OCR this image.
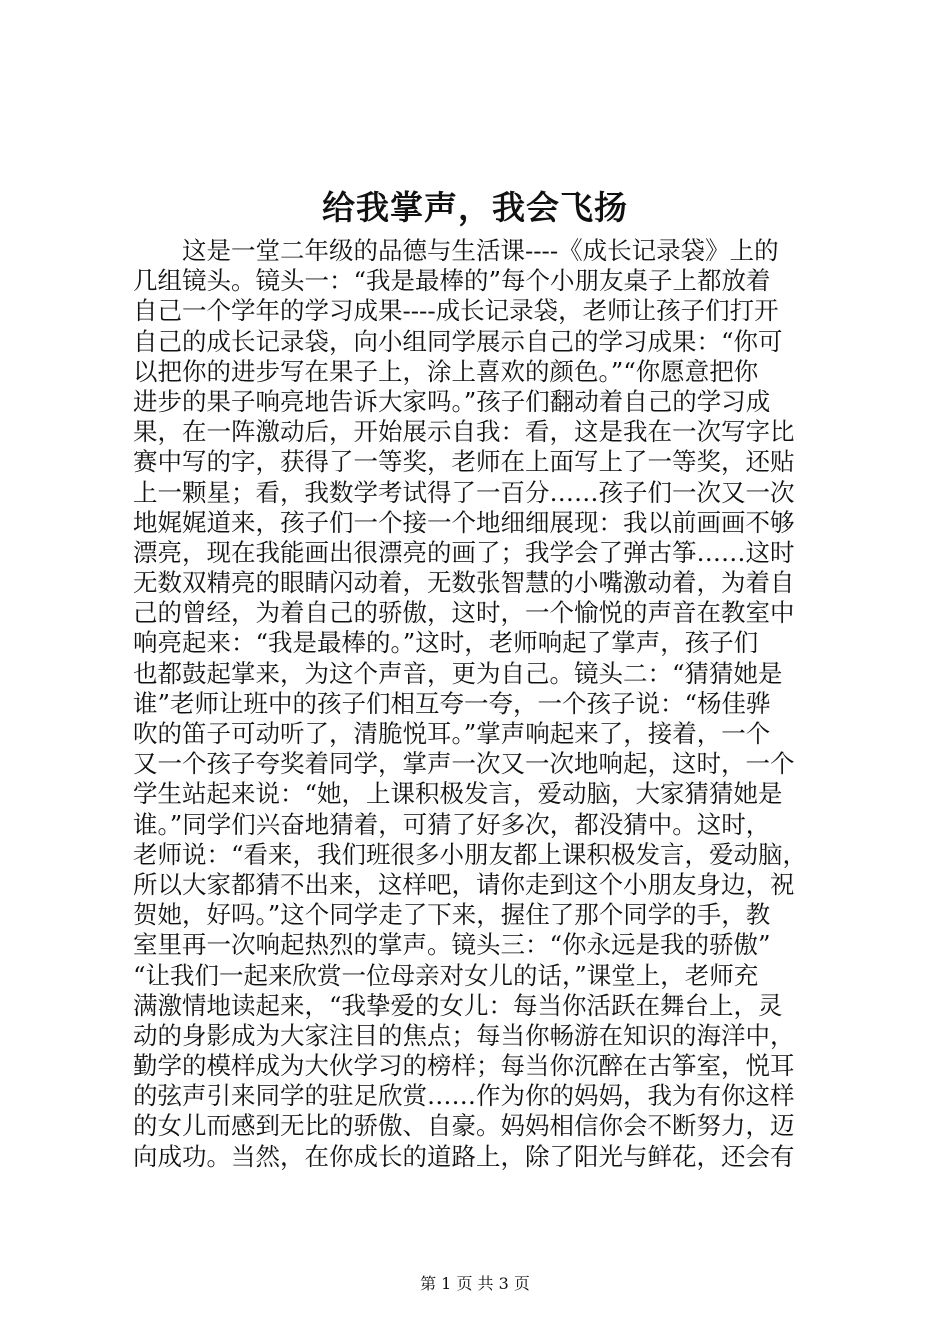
给我掌声，我会飞扬
这是一堂二年级的品德与生活课----《成长记录袋》上的
几组镜头。镜头一：“我是最棒的”每个小朋友桌子上都放着
自己一个学年的学习成果----成长记录袋，老师让孩子们打开
自己的成长记录袋，向小组同学展示自己的学习成果：“你可
以把你的进步写在果子上，涂上喜欢的颜色。”“你愿意把你
进步的果子响亮地告诉大家吗。”孩子们翻动着自己的学习成
果，在一阵激动后，开始展示自我：看，这是我在一次写字比
赛中写的字，获得了一等奖，老师在上面写上了一等奖，还贴
上一颗星；看，我数学考试得了一百分……孩子们一次又一次
地娓娓道来，孩子们一个接一个地细细展现：我以前画画不够
漂亮，现在我能画出很漂亮的画了；我学会了弹古筝……这时
无数双精亮的眼睛闪动着，无数张智慧的小嘴激动着，为着自
己的曾经，为着自己的骄傲，这时，一个愉悦的声音在教室中
响亮起来：“我是最棒的。”这时，老师响起了掌声，孩子们
也都鼓起掌来，为这个声音，更为自己。镜头二：“猜猜她是
谁”老师让班中的孩子们相互夸一夸，一个孩子说：“杨佳骅
吹的笛子可动听了，清脆悦耳。”掌声响起来了，接着，一个
又一个孩子夸奖着同学，掌声一次又一次地响起，这时，一个
学生站起来说：“她，上课积极发言，爱动脑，大家猜猜她是
谁。”同学们兴奋地猜着，可猜了好多次，都没猜中。这时，
老师说：“看来，我们班很多小朋友都上课积极发言，爱动脑，
所以大家都猜不出来，这样吧，请你走到这个小朋友身边，祝
贺她，好吗。”这个同学走了下来，握住了那个同学的手，教
室里再一次响起热烈的掌声。镜头三：“你永远是我的骄傲”
“让我们一起来欣赏一位母亲对女儿的话，”课堂上，老师充
满激情地读起来，“我挚爱的女儿：每当你活跃在舞台上，灵
动的身影成为大家注目的焦点；每当你畅游在知识的海洋中，
勤学的模样成为大伙学习的榜样；每当你沉醉在古筝室，悦耳
的弦声引来同学的驻足欣赏……作为你的妈妈，我为有你这样
的女儿而感到无比的骄傲、自豪。妈妈相信你会不断努力，迈
向成功。当然，在你成长的道路上，除了阳光与鲜花，还会有
第 1 页 共 3 页
